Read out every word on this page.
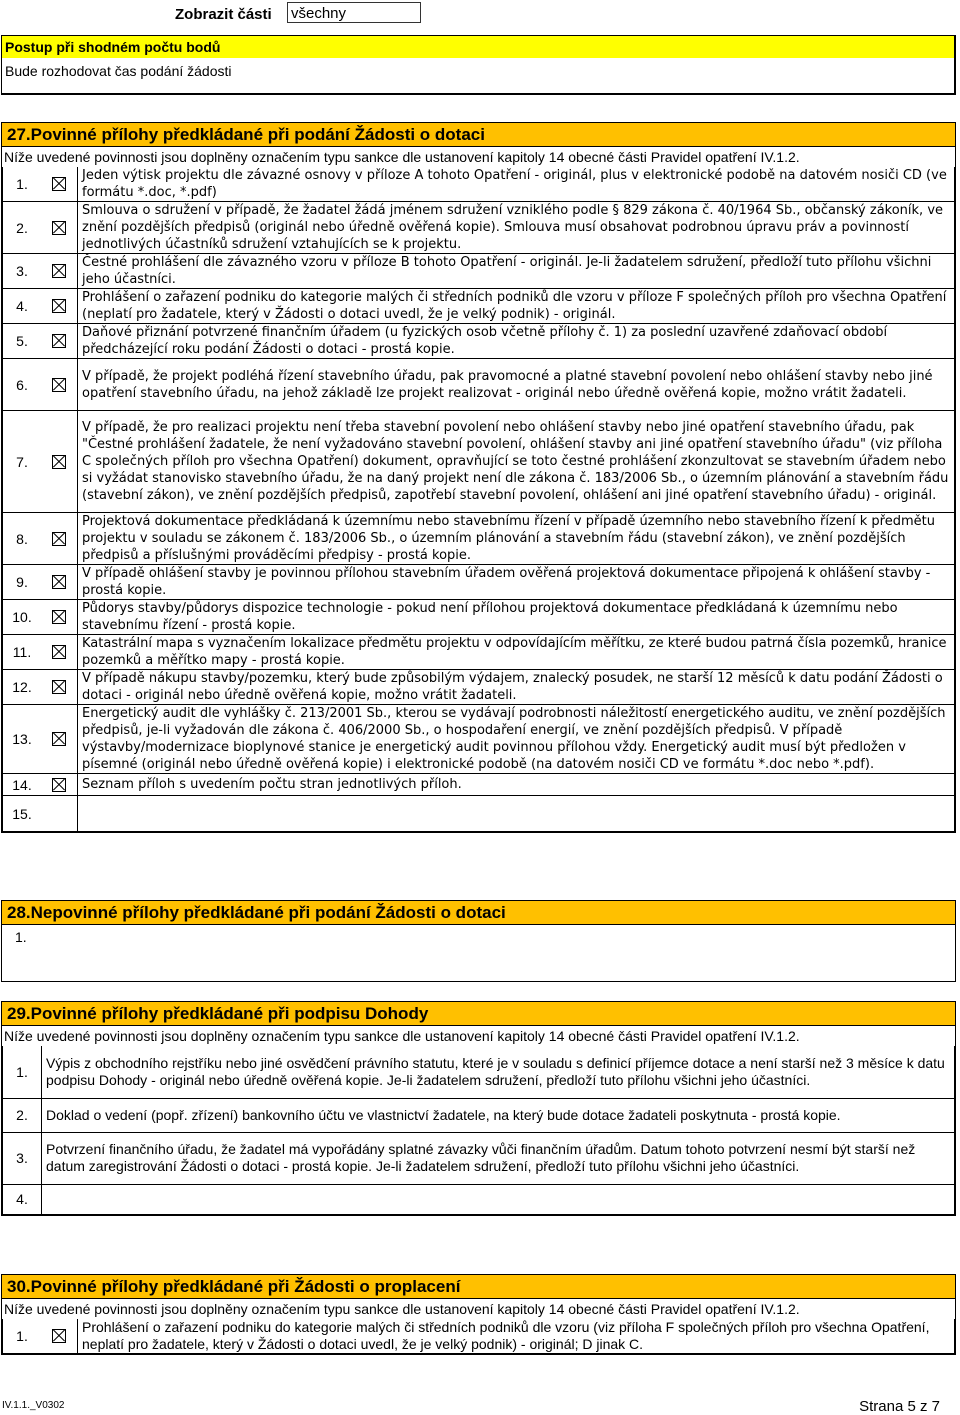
Zobrazit části všechny
Postup při shodném počtu bodů
Bude rozhodovat čas podání žádosti
27.Povinné přílohy předkládané při podání Žádosti o dotaci
Níže uvedené povinnosti jsou doplněny označením typu sankce dle ustanovení kapitoly 14 obecné části Pravidel opatření IV.1.2.
1.		Jeden výtisk projektu dle závazné osnovy v příloze A tohoto Opatření - originál, plus v elektronické podobě na datovém nosiči CD (ve formátu *.doc, *.pdf)
2.		Smlouva o sdružení v případě, že žadatel žádá jménem sdružení vzniklého podle § 829 zákona č. 40/1964 Sb., občanský zákoník, ve znění pozdějších předpisů (originál nebo úředně ověřená kopie). Smlouva musí obsahovat podrobnou úpravu práv a povinností jednotlivých účastníků sdružení vztahujících se k projektu.
3.		Čestné prohlášení dle závazného vzoru v příloze B tohoto Opatření - originál. Je-li žadatelem sdružení, předloží tuto přílohu všichni jeho účastníci.
4.		Prohlášení o zařazení podniku do kategorie malých či středních podniků dle vzoru v příloze F společných příloh pro všechna Opatření (neplatí pro žadatele, který v Žádosti o dotaci uvedl, že je velký podnik) - originál.
5.		Daňové přiznání potvrzené finančním úřadem (u fyzických osob včetně přílohy č. 1) za poslední uzavřené zdaňovací období předcházející roku podání Žádosti o dotaci - prostá kopie.
6.		V případě, že projekt podléhá řízení stavebního úřadu, pak pravomocné a platné stavební povolení nebo ohlášení stavby nebo jiné opatření stavebního úřadu, na jehož základě lze projekt realizovat - originál nebo úředně ověřená kopie, možno vrátit žadateli.
7.		V případě, že pro realizaci projektu není třeba stavební povolení nebo ohlášení stavby nebo jiné opatření stavebního úřadu, pak "Čestné prohlášení žadatele, že není vyžadováno stavební povolení, ohlášení stavby ani jiné opatření stavebního úřadu" (viz příloha C společných příloh pro všechna Opatření) dokument, opravňující se toto čestné prohlášení zkonzultovat se stavebním úřadem nebo si vyžádat stanovisko stavebního úřadu, že na daný projekt není dle zákona č. 183/2006 Sb., o územním plánování a stavebním řádu (stavební zákon), ve znění pozdějších předpisů, zapotřebí stavební povolení, ohlášení ani jiné opatření stavebního úřadu) - originál.
8.		Projektová dokumentace předkládaná k územnímu nebo stavebnímu řízení v případě územního nebo stavebního řízení k předmětu projektu v souladu se zákonem č. 183/2006 Sb., o územním plánování a stavebním řádu (stavební zákon), ve znění pozdějších předpisů a příslušnými prováděcími předpisy - prostá kopie.
9.		V případě ohlášení stavby je povinnou přílohou stavebním úřadem ověřená projektová dokumentace připojená k ohlášení stavby - prostá kopie.
10.		Půdorys stavby/půdorys dispozice technologie - pokud není přílohou projektová dokumentace předkládaná k územnímu nebo stavebnímu řízení - prostá kopie.
11.		Katastrální mapa s vyznačením lokalizace předmětu projektu v odpovídajícím měřítku, ze které budou patrná čísla pozemků, hranice pozemků a měřítko mapy - prostá kopie.
12.		V případě nákupu stavby/pozemku, který bude způsobilým výdajem, znalecký posudek, ne starší 12 měsíců k datu podání Žádosti o dotaci - originál nebo úředně ověřená kopie, možno vrátit žadateli.
13.		Energetický audit dle vyhlášky č. 213/2001 Sb., kterou se vydávají podrobnosti náležitostí energetického auditu, ve znění pozdějších předpisů, je-li vyžadován dle zákona č. 406/2000 Sb., o hospodaření energií, ve znění pozdějších předpisů. V případě výstavby/modernizace bioplynové stanice je energetický audit povinnou přílohou vždy. Energetický audit musí být předložen v písemné (originál nebo úředně ověřená kopie) i elektronické podobě (na datovém nosiči CD ve formátu *.doc nebo *.pdf).
14.		Seznam příloh s uvedením počtu stran jednotlivých příloh.
15.		
28.Nepovinné přílohy předkládané při podání Žádosti o dotaci
1.
29.Povinné přílohy předkládané při podpisu Dohody
Níže uvedené povinnosti jsou doplněny označením typu sankce dle ustanovení kapitoly 14 obecné části Pravidel opatření IV.1.2.
1.	Výpis z obchodního rejstříku nebo jiné osvědčení právního statutu, které je v souladu s definicí příjemce dotace a není starší než 3 měsíce k datu podpisu Dohody - originál nebo úředně ověřená kopie. Je-li žadatelem sdružení, předloží tuto přílohu všichni jeho účastníci.
2.	Doklad o vedení (popř. zřízení) bankovního účtu ve vlastnictví žadatele, na který bude dotace žadateli poskytnuta - prostá kopie.
3.	Potvrzení finančního úřadu, že žadatel má vypořádány splatné závazky vůči finančním úřadům. Datum tohoto potvrzení nesmí být starší než datum zaregistrování Žádosti o dotaci - prostá kopie. Je-li žadatelem sdružení, předloží tuto přílohu všichni jeho účastníci.
4.	
30.Povinné přílohy předkládané při Žádosti o proplacení
Níže uvedené povinnosti jsou doplněny označením typu sankce dle ustanovení kapitoly 14 obecné části Pravidel opatření IV.1.2.
1.		Prohlášení o zařazení podniku do kategorie malých či středních podniků dle vzoru (viz příloha F společných příloh pro všechna Opatření, neplatí pro žadatele, který v Žádosti o dotaci uvedl, že je velký podnik) - originál; D jinak C.
IV.1.1._V0302	Strana 5 z 7
